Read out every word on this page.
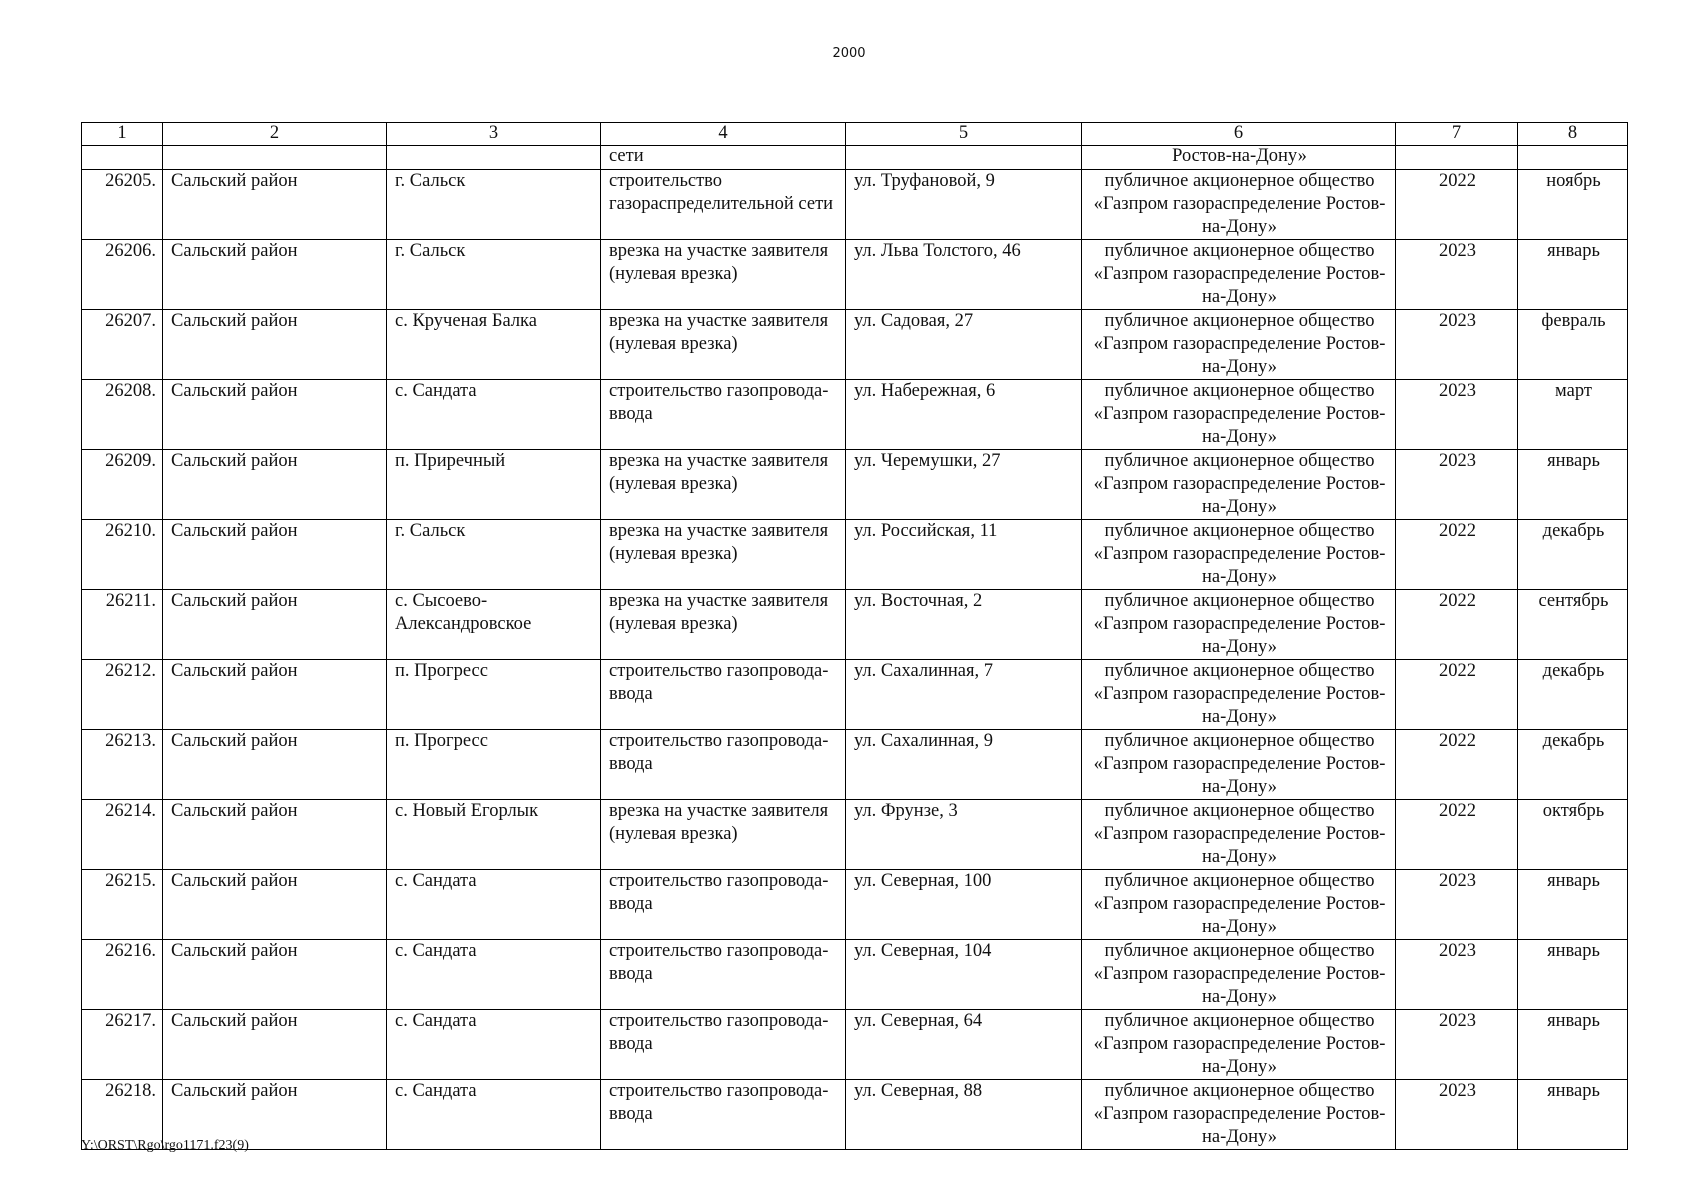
2000
1	2	3	4	5	6	7	8
			сети		Ростов-на-Дону»		
26205.	Сальский район	г. Сальск	строительство газораспределительной сети	ул. Труфановой, 9	публичное акционерное общество «Газпром газораспределение Ростов-на-Дону»	2022	ноябрь
26206.	Сальский район	г. Сальск	врезка на участке заявителя (нулевая врезка)	ул. Льва Толстого, 46	публичное акционерное общество «Газпром газораспределение Ростов-на-Дону»	2023	январь
26207.	Сальский район	с. Крученая Балка	врезка на участке заявителя (нулевая врезка)	ул. Садовая, 27	публичное акционерное общество «Газпром газораспределение Ростов-на-Дону»	2023	февраль
26208.	Сальский район	с. Сандата	строительство газопровода-ввода	ул. Набережная, 6	публичное акционерное общество «Газпром газораспределение Ростов-на-Дону»	2023	март
26209.	Сальский район	п. Приречный	врезка на участке заявителя (нулевая врезка)	ул. Черемушки, 27	публичное акционерное общество «Газпром газораспределение Ростов-на-Дону»	2023	январь
26210.	Сальский район	г. Сальск	врезка на участке заявителя (нулевая врезка)	ул. Российская, 11	публичное акционерное общество «Газпром газораспределение Ростов-на-Дону»	2022	декабрь
26211.	Сальский район	с. Сысоево-Александровское	врезка на участке заявителя (нулевая врезка)	ул. Восточная, 2	публичное акционерное общество «Газпром газораспределение Ростов-на-Дону»	2022	сентябрь
26212.	Сальский район	п. Прогресс	строительство газопровода-ввода	ул. Сахалинная, 7	публичное акционерное общество «Газпром газораспределение Ростов-на-Дону»	2022	декабрь
26213.	Сальский район	п. Прогресс	строительство газопровода-ввода	ул. Сахалинная, 9	публичное акционерное общество «Газпром газораспределение Ростов-на-Дону»	2022	декабрь
26214.	Сальский район	с. Новый Егорлык	врезка на участке заявителя (нулевая врезка)	ул. Фрунзе, 3	публичное акционерное общество «Газпром газораспределение Ростов-на-Дону»	2022	октябрь
26215.	Сальский район	с. Сандата	строительство газопровода-ввода	ул. Северная, 100	публичное акционерное общество «Газпром газораспределение Ростов-на-Дону»	2023	январь
26216.	Сальский район	с. Сандата	строительство газопровода-ввода	ул. Северная, 104	публичное акционерное общество «Газпром газораспределение Ростов-на-Дону»	2023	январь
26217.	Сальский район	с. Сандата	строительство газопровода-ввода	ул. Северная, 64	публичное акционерное общество «Газпром газораспределение Ростов-на-Дону»	2023	январь
26218.	Сальский район	с. Сандата	строительство газопровода-ввода	ул. Северная, 88	публичное акционерное общество «Газпром газораспределение Ростов-на-Дону»	2023	январь
Y:\ORST\Rgo\rgo1171.f23(9)
